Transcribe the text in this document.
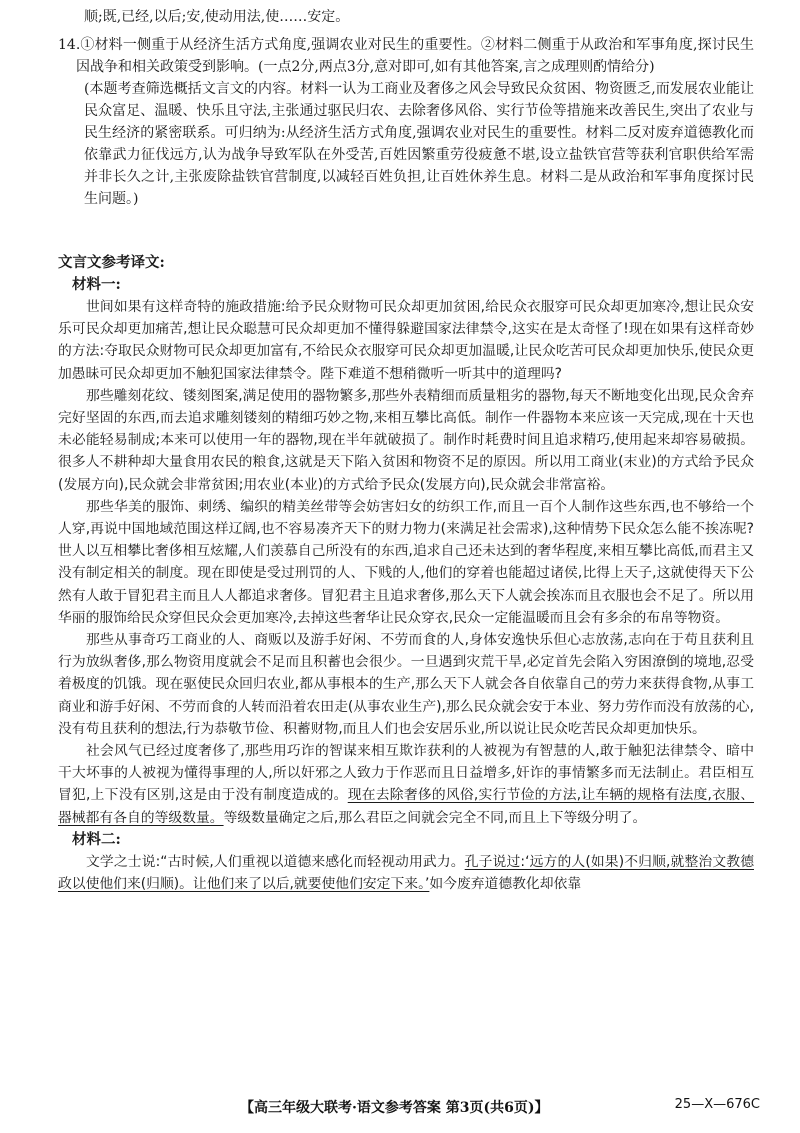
顺;既,已经,以后;安,使动用法,使……安定。

14.①材料一侧重于从经济生活方式角度,强调农业对民生的重要性。②材料二侧重于从政治和军事角度,探讨民生因战争和相关政策受到影响。(一点2分,两点3分,意对即可,如有其他答案,言之成理则酌情给分)

(本题考查筛选概括文言文的内容。材料一认为工商业及奢侈之风会导致民众贫困、物资匮乏,而发展农业能让民众富足、温暖、快乐且守法,主张通过驱民归农、去除奢侈风俗、实行节俭等措施来改善民生,突出了农业与民生经济的紧密联系。可归纳为:从经济生活方式角度,强调农业对民生的重要性。材料二反对废弃道德教化而依靠武力征伐远方,认为战争导致军队在外受苦,百姓因繁重劳役疲惫不堪,设立盐铁官营等获利官职供给军需并非长久之计,主张废除盐铁官营制度,以减轻百姓负担,让百姓休养生息。材料二是从政治和军事角度探讨民生问题。)

文言文参考译文:

材料一:

世间如果有这样奇特的施政措施:给予民众财物可民众却更加贫困,给民众衣服穿可民众却更加寒冷,想让民众安乐可民众却更加痛苦,想让民众聪慧可民众却更加不懂得躲避国家法律禁令,这实在是太奇怪了!现在如果有这样奇妙的方法:夺取民众财物可民众却更加富有,不给民众衣服穿可民众却更加温暖,让民众吃苦可民众却更加快乐,使民众更加愚昧可民众却更加不触犯国家法律禁令。陛下难道不想稍微听一听其中的道理吗?

那些雕刻花纹、镂刻图案,满足使用的器物繁多,那些外表精细而质量粗劣的器物,每天不断地变化出现,民众舍弃完好坚固的东西,而去追求雕刻镂刻的精细巧妙之物,来相互攀比高低。制作一件器物本来应该一天完成,现在十天也未必能轻易制成;本来可以使用一年的器物,现在半年就破损了。制作时耗费时间且追求精巧,使用起来却容易破损。很多人不耕种却大量食用农民的粮食,这就是天下陷入贫困和物资不足的原因。所以用工商业(末业)的方式给予民众(发展方向),民众就会非常贫困;用农业(本业)的方式给予民众(发展方向),民众就会非常富裕。

那些华美的服饰、刺绣、编织的精美丝带等会妨害妇女的纺织工作,而且一百个人制作这些东西,也不够给一个人穿,再说中国地域范围这样辽阔,也不容易凑齐天下的财力物力(来满足社会需求),这种情势下民众怎么能不挨冻呢?世人以互相攀比奢侈相互炫耀,人们羡慕自己所没有的东西,追求自己还未达到的奢华程度,来相互攀比高低,而君主又没有制定相关的制度。现在即使是受过刑罚的人、下贱的人,他们的穿着也能超过诸侯,比得上天子,这就使得天下公然有人敢于冒犯君主而且人人都追求奢侈。冒犯君主且追求奢侈,那么天下人就会挨冻而且衣服也会不足了。所以用华丽的服饰给民众穿但民众会更加寒冷,去掉这些奢华让民众穿衣,民众一定能温暖而且会有多余的布帛等物资。

那些从事奇巧工商业的人、商贩以及游手好闲、不劳而食的人,身体安逸快乐但心志放荡,志向在于苟且获利且行为放纵奢侈,那么物资用度就会不足而且积蓄也会很少。一旦遇到灾荒干旱,必定首先会陷入穷困潦倒的境地,忍受着极度的饥饿。现在驱使民众回归农业,都从事根本的生产,那么天下人就会各自依靠自己的劳力来获得食物,从事工商业和游手好闲、不劳而食的人转而沿着农田走(从事农业生产),那么民众就会安于本业、努力劳作而没有放荡的心,没有苟且获利的想法,行为恭敬节俭、积蓄财物,而且人们也会安居乐业,所以说让民众吃苦民众却更加快乐。

社会风气已经过度奢侈了,那些用巧诈的智谋来相互欺诈获利的人被视为有智慧的人,敢于触犯法律禁令、暗中干大坏事的人被视为懂得事理的人,所以奸邪之人致力于作恶而且日益增多,奸诈的事情繁多而无法制止。君臣相互冒犯,上下没有区别,这是由于没有制度造成的。现在去除奢侈的风俗,实行节俭的方法,让车辆的规格有法度,衣服、器械都有各自的等级数量。等级数量确定之后,那么君臣之间就会完全不同,而且上下等级分明了。

材料二:

文学之士说:“古时候,人们重视以道德来感化而轻视动用武力。孔子说过:‘远方的人(如果)不归顺,就整治文教德政以使他们来(归顺)。让他们来了以后,就要使他们安定下来。’如今废弃道德教化却依靠

【高三年级大联考·语文参考答案 第3页(共6页)】	25—X—676C
